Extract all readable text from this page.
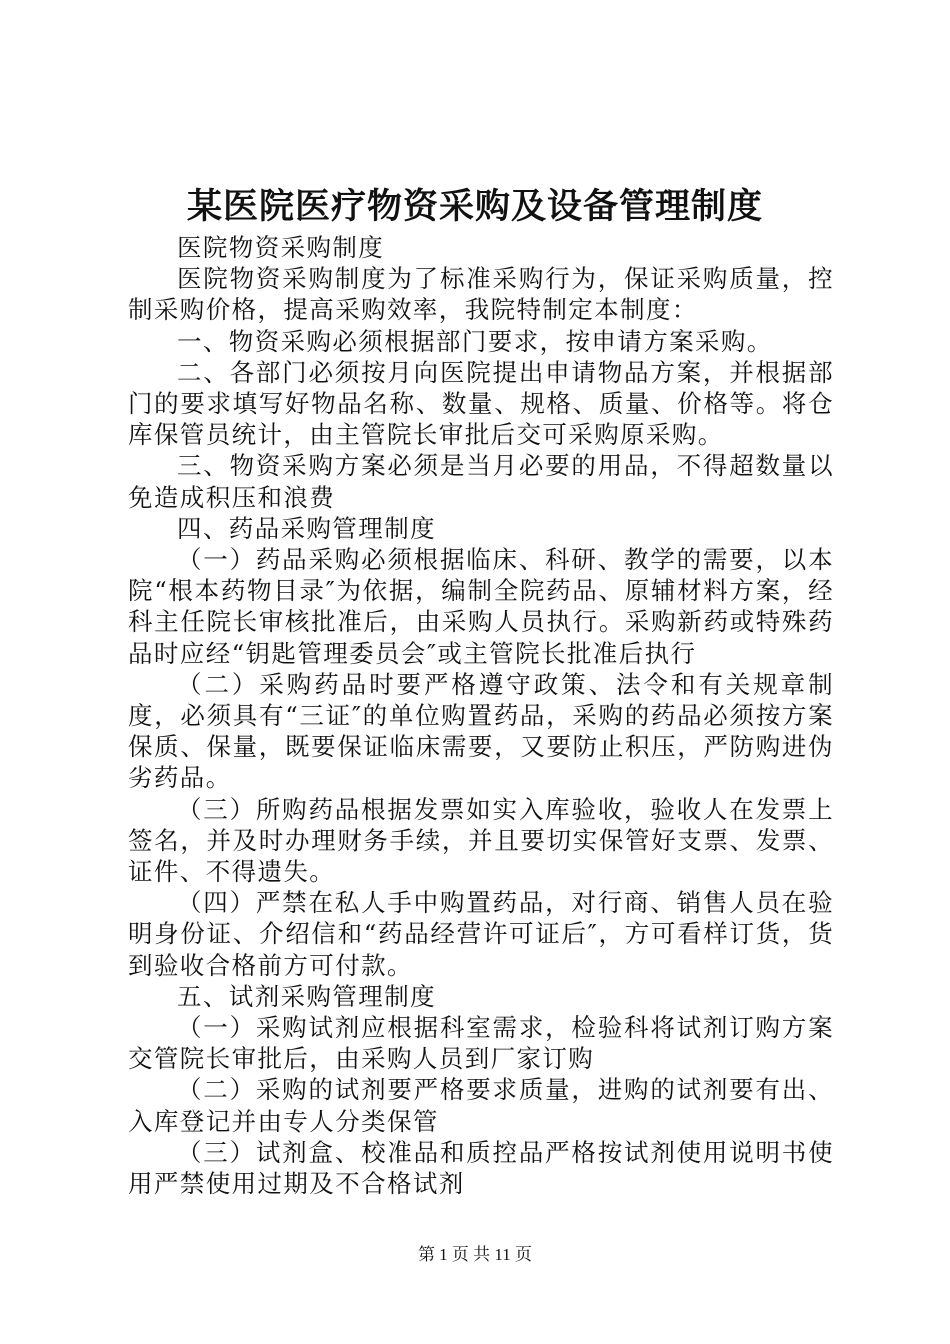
某医院医疗物资采购及设备管理制度

医院物资采购制度

医院物资采购制度为了标准采购行为，保证采购质量，控制采购价格，提高采购效率，我院特制定本制度：

一、物资采购必须根据部门要求，按申请方案采购。

二、各部门必须按月向医院提出申请物品方案，并根据部门的要求填写好物品名称、数量、规格、质量、价格等。将仓库保管员统计，由主管院长审批后交可采购原采购。

三、物资采购方案必须是当月必要的用品，不得超数量以免造成积压和浪费

四、药品采购管理制度

（一）药品采购必须根据临床、科研、教学的需要，以本院“根本药物目录″为依据，编制全院药品、原辅材料方案，经科主任院长审核批准后，由采购人员执行。采购新药或特殊药品时应经“钥匙管理委员会″或主管院长批准后执行

（二）采购药品时要严格遵守政策、法令和有关规章制度，必须具有“三证″的单位购置药品，采购的药品必须按方案保质、保量，既要保证临床需要，又要防止积压，严防购进伪劣药品。

（三）所购药品根据发票如实入库验收，验收人在发票上签名，并及时办理财务手续，并且要切实保管好支票、发票、证件、不得遗失。

（四）严禁在私人手中购置药品，对行商、销售人员在验明身份证、介绍信和“药品经营许可证后″，方可看样订货，货到验收合格前方可付款。

五、试剂采购管理制度

（一）采购试剂应根据科室需求，检验科将试剂订购方案交管院长审批后，由采购人员到厂家订购

（二）采购的试剂要严格要求质量，进购的试剂要有出、入库登记并由专人分类保管

（三）试剂盒、校准品和质控品严格按试剂使用说明书使用严禁使用过期及不合格试剂

第 1 页 共 11 页
